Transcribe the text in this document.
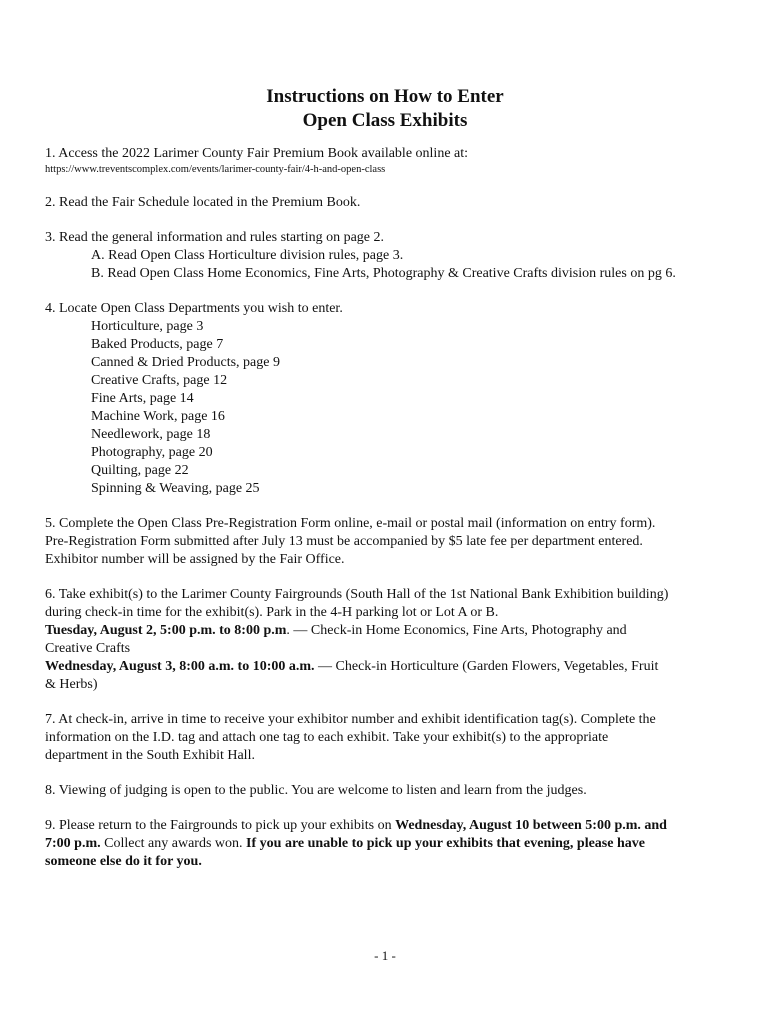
Instructions on How to Enter
Open Class Exhibits
1. Access the 2022 Larimer County Fair Premium Book available online at:
https://www.treventscomplex.com/events/larimer-county-fair/4-h-and-open-class
2. Read the Fair Schedule located in the Premium Book.
3. Read the general information and rules starting on page 2.
A. Read Open Class Horticulture division rules, page 3.
B. Read Open Class Home Economics, Fine Arts, Photography & Creative Crafts division rules on pg 6.
4. Locate Open Class Departments you wish to enter.
Horticulture, page 3
Baked Products, page 7
Canned & Dried Products, page 9
Creative Crafts, page 12
Fine Arts, page 14
Machine Work, page 16
Needlework, page 18
Photography, page 20
Quilting, page 22
Spinning & Weaving, page 25
5. Complete the Open Class Pre-Registration Form online, e-mail or postal mail (information on entry form).
Pre-Registration Form submitted after July 13 must be accompanied by $5 late fee per department entered.
Exhibitor number will be assigned by the Fair Office.
6. Take exhibit(s) to the Larimer County Fairgrounds (South Hall of the 1st National Bank Exhibition building)
during check-in time for the exhibit(s). Park in the 4-H parking lot or Lot A or B.
Tuesday, August 2, 5:00 p.m. to 8:00 p.m. — Check-in Home Economics, Fine Arts, Photography and
Creative Crafts
Wednesday, August 3, 8:00 a.m. to 10:00 a.m. — Check-in Horticulture (Garden Flowers, Vegetables, Fruit
& Herbs)
7. At check-in, arrive in time to receive your exhibitor number and exhibit identification tag(s). Complete the
information on the I.D. tag and attach one tag to each exhibit. Take your exhibit(s) to the appropriate
department in the South Exhibit Hall.
8. Viewing of judging is open to the public. You are welcome to listen and learn from the judges.
9. Please return to the Fairgrounds to pick up your exhibits on Wednesday, August 10 between 5:00 p.m. and
7:00 p.m. Collect any awards won. If you are unable to pick up your exhibits that evening, please have
someone else do it for you.
- 1 -
